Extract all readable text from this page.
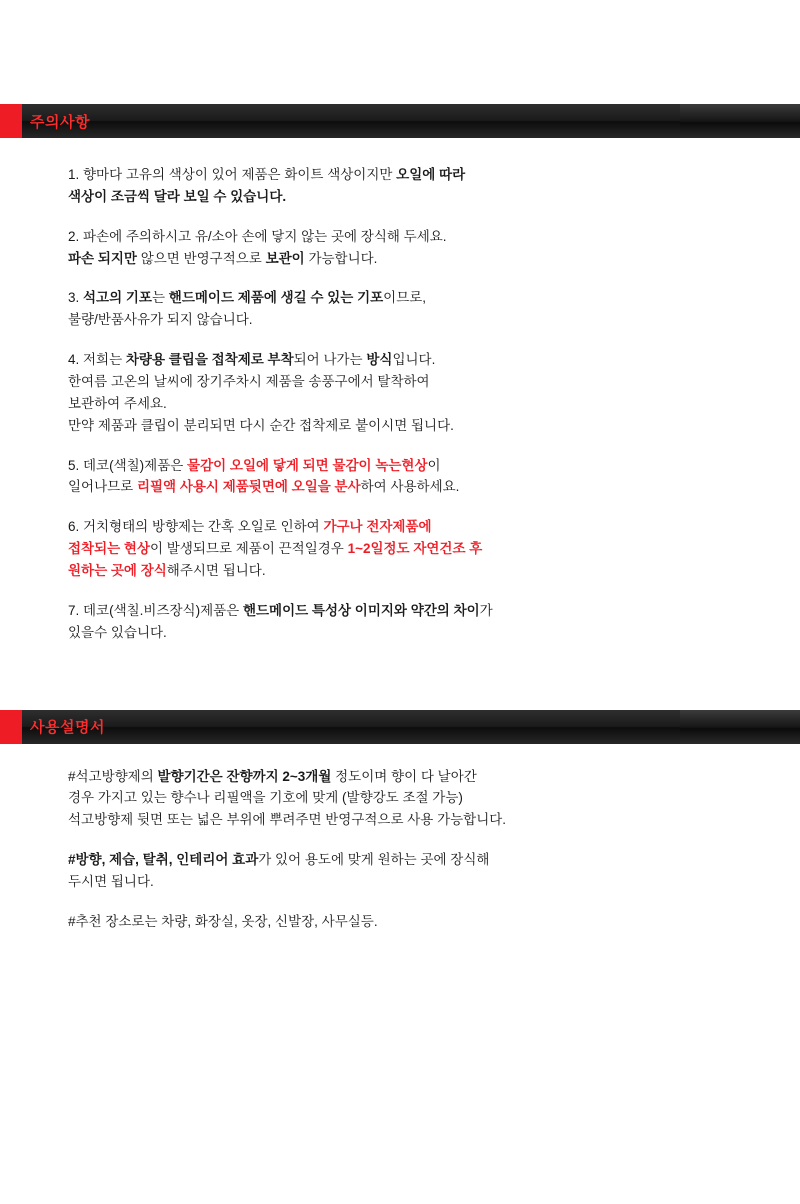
주의사항

1. 향마다 고유의 색상이 있어 제품은 화이트 색상이지만 오일에 따라
색상이 조금씩 달라 보일 수 있습니다.

2. 파손에 주의하시고 유/소아 손에 닿지 않는 곳에 장식해 두세요.
파손 되지만 않으면 반영구적으로 보관이 가능합니다.

3. 석고의 기포는 핸드메이드 제품에 생길 수 있는 기포이므로,
불량/반품사유가 되지 않습니다.

4. 저희는 차량용 클립을 접착제로 부착되어 나가는 방식입니다.
한여름 고온의 날씨에 장기주차시 제품을 송풍구에서 탈착하여
보관하여 주세요.
만약 제품과 클립이 분리되면 다시 순간 접착제로 붙이시면 됩니다.

5. 데코(색칠)제품은 물감이 오일에 닿게 되면 물감이 녹는현상이
일어나므로 리필액 사용시 제품뒷면에 오일을 분사하여 사용하세요.

6. 거치형태의 방향제는 간혹 오일로 인하여 가구나 전자제품에
접착되는 현상이 발생되므로 제품이 끈적일경우 1~2일정도 자연건조 후
원하는 곳에 장식해주시면 됩니다.

7. 데코(색칠.비즈장식)제품은 핸드메이드 특성상 이미지와 약간의 차이가
있을수 있습니다.

사용설명서

#석고방향제의 발향기간은 잔향까지 2~3개월 정도이며 향이 다 날아간
경우 가지고 있는 향수나 리필액을 기호에 맞게 (발향강도 조절 가능)
석고방향제 뒷면 또는 넓은 부위에 뿌려주면 반영구적으로 사용 가능합니다.

#방향, 제습, 탈취, 인테리어 효과가 있어 용도에 맞게 원하는 곳에 장식해
두시면 됩니다.

#추천 장소로는 차량, 화장실, 옷장, 신발장, 사무실등.
